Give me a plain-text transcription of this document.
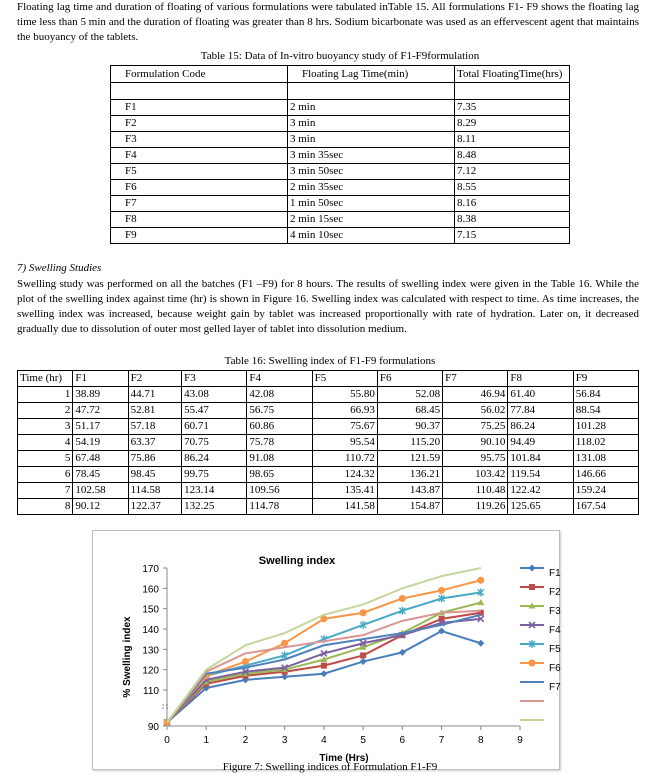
Floating lag time and duration of floating of various formulations were tabulated inTable 15. All formulations F1- F9 shows the floating lag time less than 5 min and the duration of floating was greater than 8 hrs. Sodium bicarbonate was used as an effervescent agent that maintains the buoyancy of the tablets.

Table 15: Data of In-vitro buoyancy study of F1-F9formulation

Formulation Code	Floating Lag Time(min)	Total FloatingTime(hrs)

F1	2 min	7.35
F2	3 min	8.29
F3	3 min	8.11
F4	3 min 35sec	8.48
F5	3 min 50sec	7.12
F6	2 min 35sec	8.55
F7	1 min 50sec	8.16
F8	2 min 15sec	8.38
F9	4 min 10sec	7.15

7) Swelling Studies

Swelling study was performed on all the batches (F1 –F9) for 8 hours. The results of swelling index were given in the Table 16. While the plot of the swelling index against time (hr) is shown in Figure 16. Swelling index was calculated with respect to time. As time increases, the swelling index was increased, because weight gain by tablet was increased proportionally with rate of hydration. Later on, it decreased gradually due to dissolution of outer most gelled layer of tablet into dissolution medium.

Table 16: Swelling index of F1-F9 formulations

Time (hr)	F1	F2	F3	F4	F5	F6	F7	F8	F9
1	38.89	44.71	43.08	42.08	55.80	52.08	46.94	61.40	56.84
2	47.72	52.81	55.47	56.75	66.93	68.45	56.02	77.84	88.54
3	51.17	57.18	60.71	60.86	75.67	90.37	75.25	86.24	101.28
4	54.19	63.37	70.75	75.78	95.54	115.20	90.10	94.49	118.02
5	67.48	75.86	86.24	91.08	110.72	121.59	95.75	101.84	131.08
6	78.45	98.45	99.75	98.65	124.32	136.21	103.42	119.54	146.66
7	102.58	114.58	123.14	109.56	135.41	143.87	110.48	122.42	159.24
8	90.12	122.37	132.25	114.78	141.58	154.87	119.26	125.65	167.54
Swelling index
90
110
120
130
140
150
160
170
0	1	2	3	4	5	6	7	8	9
Time (Hrs)
% Swelling index
F1
F2
F3
F4
F5
F6
F7

Figure 7: Swelling indices of Formulation F1-F9
